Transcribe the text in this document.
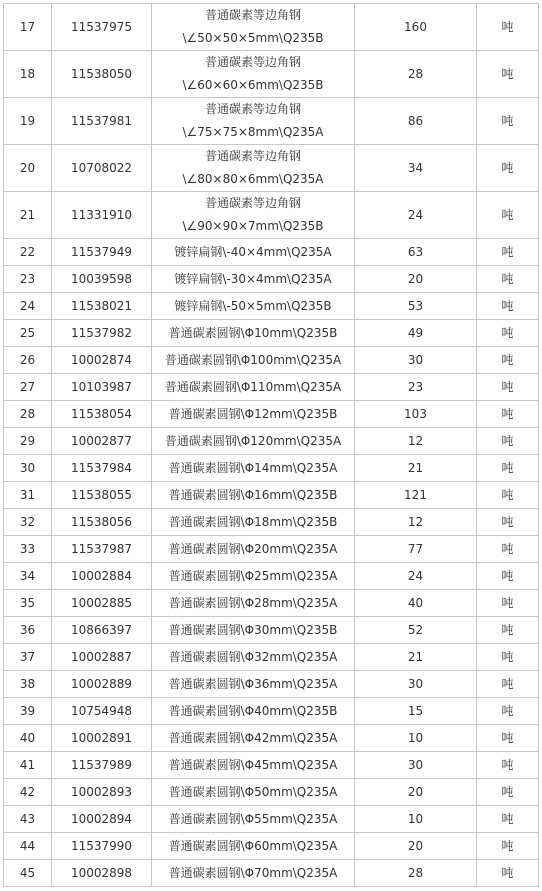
17	11537975	普通碳素等边角钢
\∠50×50×5mm\Q235B	160	吨
18	11538050	普通碳素等边角钢
\∠60×60×6mm\Q235B	28	吨
19	11537981	普通碳素等边角钢
\∠75×75×8mm\Q235A	86	吨
20	10708022	普通碳素等边角钢
\∠80×80×6mm\Q235A	34	吨
21	11331910	普通碳素等边角钢
\∠90×90×7mm\Q235B	24	吨
22	11537949	镀锌扁钢\-40×4mm\Q235A	63	吨
23	10039598	镀锌扁钢\-30×4mm\Q235A	20	吨
24	11538021	镀锌扁钢\-50×5mm\Q235B	53	吨
25	11537982	普通碳素圆钢\Φ10mm\Q235B	49	吨
26	10002874	普通碳素圆钢\Φ100mm\Q235A	30	吨
27	10103987	普通碳素圆钢\Φ110mm\Q235A	23	吨
28	11538054	普通碳素圆钢\Φ12mm\Q235B	103	吨
29	10002877	普通碳素圆钢\Φ120mm\Q235A	12	吨
30	11537984	普通碳素圆钢\Φ14mm\Q235A	21	吨
31	11538055	普通碳素圆钢\Φ16mm\Q235B	121	吨
32	11538056	普通碳素圆钢\Φ18mm\Q235B	12	吨
33	11537987	普通碳素圆钢\Φ20mm\Q235A	77	吨
34	10002884	普通碳素圆钢\Φ25mm\Q235A	24	吨
35	10002885	普通碳素圆钢\Φ28mm\Q235A	40	吨
36	10866397	普通碳素圆钢\Φ30mm\Q235B	52	吨
37	10002887	普通碳素圆钢\Φ32mm\Q235A	21	吨
38	10002889	普通碳素圆钢\Φ36mm\Q235A	30	吨
39	10754948	普通碳素圆钢\Φ40mm\Q235B	15	吨
40	10002891	普通碳素圆钢\Φ42mm\Q235A	10	吨
41	11537989	普通碳素圆钢\Φ45mm\Q235A	30	吨
42	10002893	普通碳素圆钢\Φ50mm\Q235A	20	吨
43	10002894	普通碳素圆钢\Φ55mm\Q235A	10	吨
44	11537990	普通碳素圆钢\Φ60mm\Q235A	20	吨
45	10002898	普通碳素圆钢\Φ70mm\Q235A	28	吨
